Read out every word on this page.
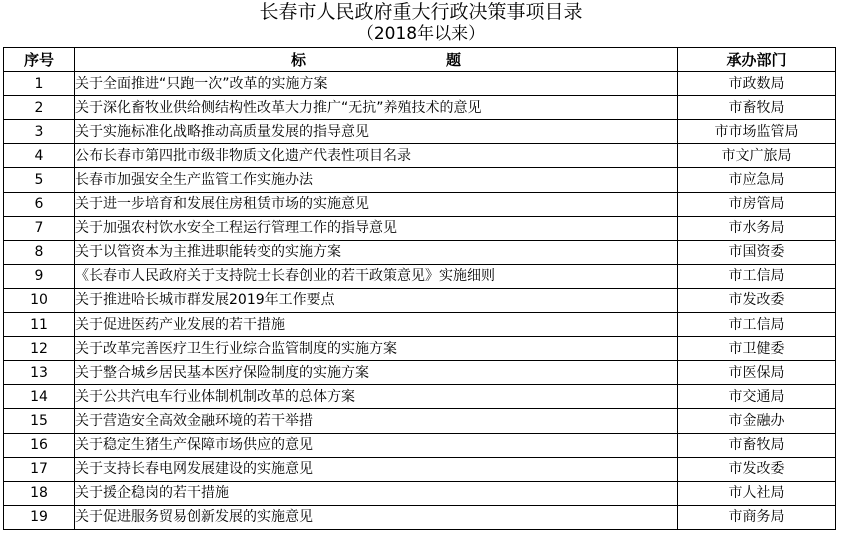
长春市人民政府重大行政决策事项目录
（2018年以来）
序号	标题	承办部门
1	关于全面推进“只跑一次”改革的实施方案	市政数局
2	关于深化畜牧业供给侧结构性改革大力推广“无抗”养殖技术的意见	市畜牧局
3	关于实施标准化战略推动高质量发展的指导意见	市市场监管局
4	公布长春市第四批市级非物质文化遗产代表性项目名录	市文广旅局
5	长春市加强安全生产监管工作实施办法	市应急局
6	关于进一步培育和发展住房租赁市场的实施意见	市房管局
7	关于加强农村饮水安全工程运行管理工作的指导意见	市水务局
8	关于以管资本为主推进职能转变的实施方案	市国资委
9	《长春市人民政府关于支持院士长春创业的若干政策意见》实施细则	市工信局
10	关于推进哈长城市群发展2019年工作要点	市发改委
11	关于促进医药产业发展的若干措施	市工信局
12	关于改革完善医疗卫生行业综合监管制度的实施方案	市卫健委
13	关于整合城乡居民基本医疗保险制度的实施方案	市医保局
14	关于公共汽电车行业体制机制改革的总体方案	市交通局
15	关于营造安全高效金融环境的若干举措	市金融办
16	关于稳定生猪生产保障市场供应的意见	市畜牧局
17	关于支持长春电网发展建设的实施意见	市发改委
18	关于援企稳岗的若干措施	市人社局
19	关于促进服务贸易创新发展的实施意见	市商务局
